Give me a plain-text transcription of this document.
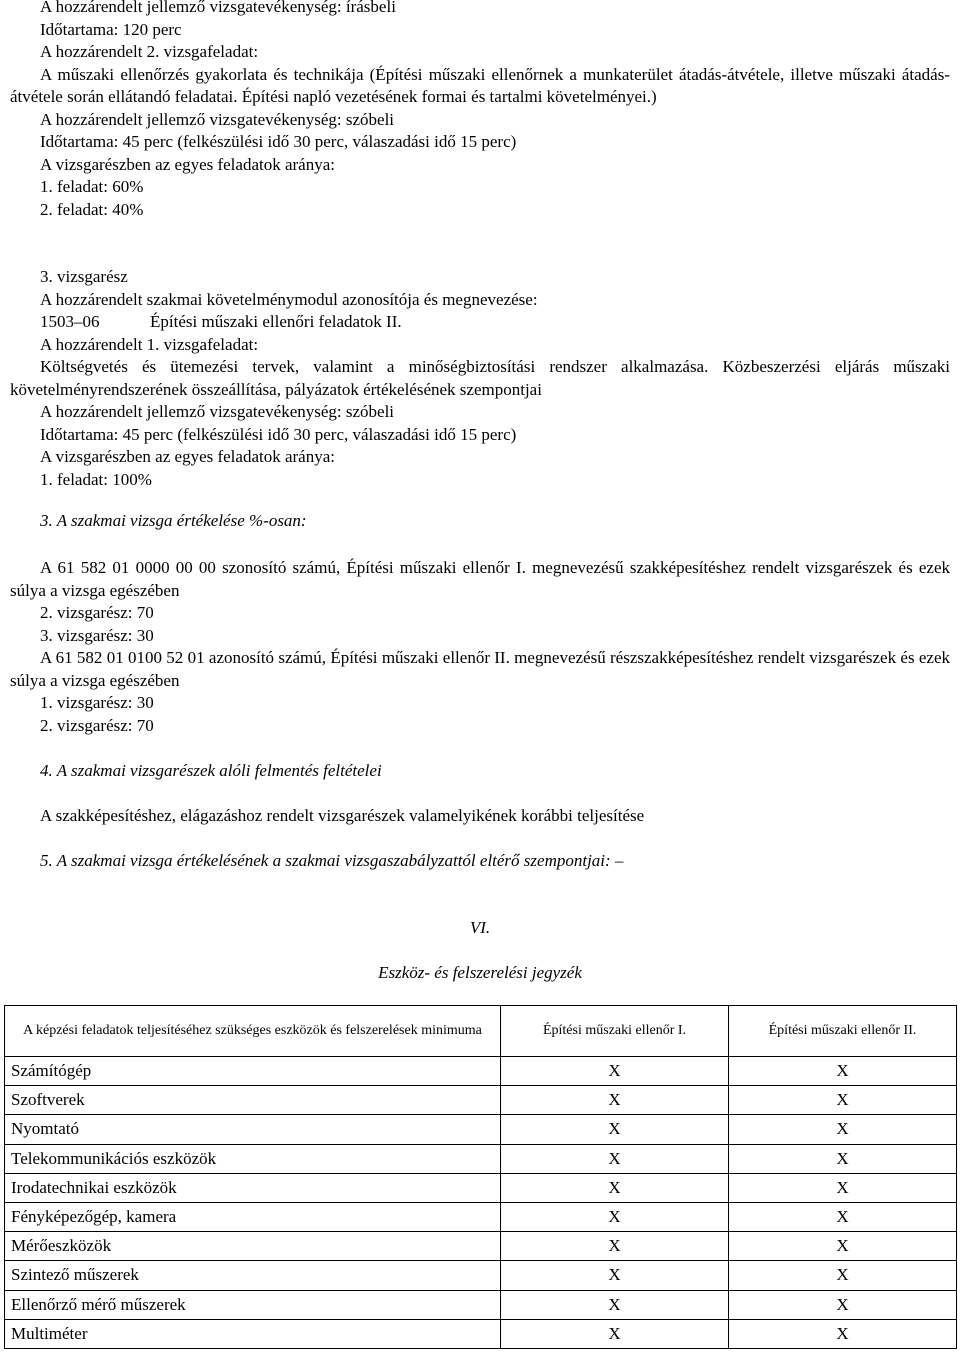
A hozzárendelt jellemző vizsgatevékenység: írásbeli
Időtartama: 120 perc
A hozzárendelt 2. vizsgafeladat:
A műszaki ellenőrzés gyakorlata és technikája (Építési műszaki ellenőrnek a munkaterület átadás-átvétele, illetve műszaki átadás-átvétele során ellátandó feladatai. Építési napló vezetésének formai és tartalmi követelményei.)
A hozzárendelt jellemző vizsgatevékenység: szóbeli
Időtartama: 45 perc (felkészülési idő 30 perc, válaszadási idő 15 perc)
A vizsgarészben az egyes feladatok aránya:
1. feladat: 60%
2. feladat: 40%
3. vizsgarész
A hozzárendelt szakmai követelménymodul azonosítója és megnevezése:
1503–06	Építési műszaki ellenőri feladatok II.
A hozzárendelt 1. vizsgafeladat:
Költségvetés és ütemezési tervek, valamint a minőségbiztosítási rendszer alkalmazása. Közbeszerzési eljárás műszaki követelményrendszerének összeállítása, pályázatok értékelésének szempontjai
A hozzárendelt jellemző vizsgatevékenység: szóbeli
Időtartama: 45 perc (felkészülési idő 30 perc, válaszadási idő 15 perc)
A vizsgarészben az egyes feladatok aránya:
1. feladat: 100%
3. A szakmai vizsga értékelése %-osan:
A 61 582 01 0000 00 00 szonosító számú, Építési műszaki ellenőr I. megnevezésű szakképesítéshez rendelt vizsgarészek és ezek súlya a vizsga egészében
2. vizsgarész: 70
3. vizsgarész: 30
A 61 582 01 0100 52 01 azonosító számú, Építési műszaki ellenőr II. megnevezésű részszakképesítéshez rendelt vizsgarészek és ezek súlya a vizsga egészében
1. vizsgarész: 30
2. vizsgarész: 70
4. A szakmai vizsgarészek alóli felmentés feltételei
A szakképesítéshez, elágazáshoz rendelt vizsgarészek valamelyikének korábbi teljesítése
5. A szakmai vizsga értékelésének a szakmai vizsgaszabályzattól eltérő szempontjai: –
VI.
Eszköz- és felszerelési jegyzék
A képzési feladatok teljesítéséhez szükséges eszközök és felszerelések minimuma	Építési műszaki ellenőr I.	Építési műszaki ellenőr II.
Számítógép	X	X
Szoftverek	X	X
Nyomtató	X	X
Telekommunikációs eszközök	X	X
Irodatechnikai eszközök	X	X
Fényképezőgép, kamera	X	X
Mérőeszközök	X	X
Szintező műszerek	X	X
Ellenőrző mérő műszerek	X	X
Multiméter	X	X
